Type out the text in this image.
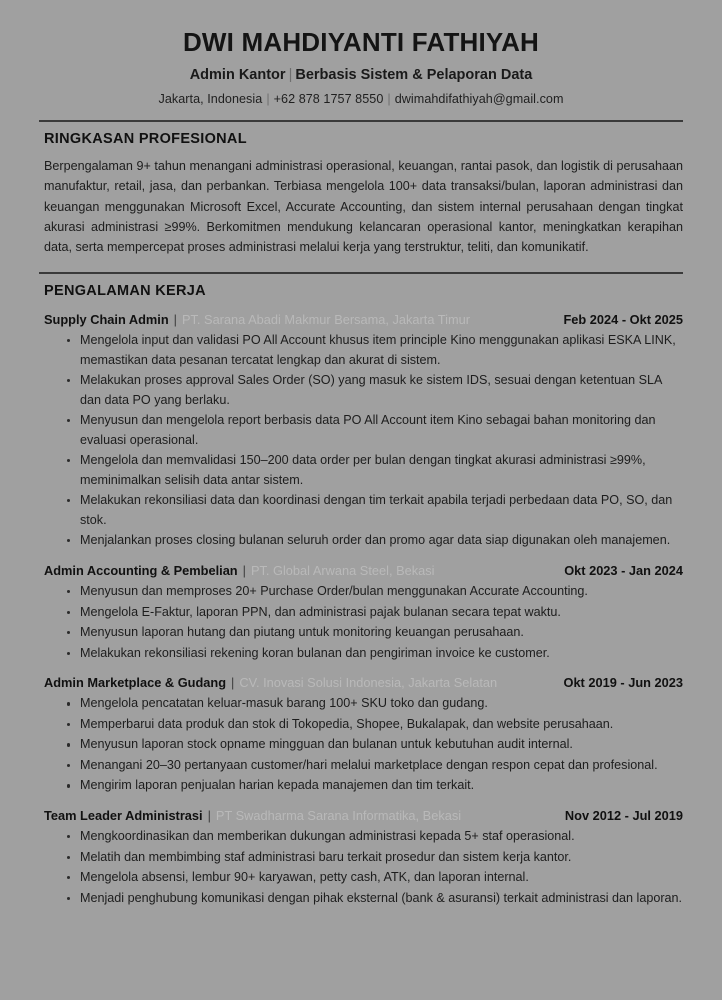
DWI MAHDIYANTI FATHIYAH
Admin Kantor | Berbasis Sistem & Pelaporan Data
Jakarta, Indonesia | +62 878 1757 8550 | dwimahdifathiyah@gmail.com
RINGKASAN PROFESIONAL

Berpengalaman 9+ tahun menangani administrasi operasional, keuangan, rantai pasok, dan logistik di perusahaan manufaktur, retail, jasa, dan perbankan. Terbiasa mengelola 100+ data transaksi/bulan, laporan administrasi dan keuangan menggunakan Microsoft Excel, Accurate Accounting, dan sistem internal perusahaan dengan tingkat akurasi administrasi ≥99%. Berkomitmen mendukung kelancaran operasional kantor, meningkatkan kerapihan data, serta mempercepat proses administrasi melalui kerja yang terstruktur, teliti, dan komunikatif.

PENGALAMAN KERJA
Supply Chain Admin | PT. Sarana Abadi Makmur Bersama, Jakarta Timur	Feb 2024 - Okt 2025
Mengelola input dan validasi PO All Account khusus item principle Kino menggunakan aplikasi ESKA LINK, memastikan data pesanan tercatat lengkap dan akurat di sistem.
Melakukan proses approval Sales Order (SO) yang masuk ke sistem IDS, sesuai dengan ketentuan SLA dan data PO yang berlaku.
Menyusun dan mengelola report berbasis data PO All Account item Kino sebagai bahan monitoring dan evaluasi operasional.
Mengelola dan memvalidasi 150–200 data order per bulan dengan tingkat akurasi administrasi ≥99%, meminimalkan selisih data antar sistem.
Melakukan rekonsiliasi data dan koordinasi dengan tim terkait apabila terjadi perbedaan data PO, SO, dan stok.
Menjalankan proses closing bulanan seluruh order dan promo agar data siap digunakan oleh manajemen.
Admin Accounting & Pembelian | PT. Global Arwana Steel, Bekasi	Okt 2023 - Jan 2024
Menyusun dan memproses 20+ Purchase Order/bulan menggunakan Accurate Accounting.
Mengelola E-Faktur, laporan PPN, dan administrasi pajak bulanan secara tepat waktu.
Menyusun laporan hutang dan piutang untuk monitoring keuangan perusahaan.
Melakukan rekonsiliasi rekening koran bulanan dan pengiriman invoice ke customer.
Admin Marketplace & Gudang | CV. Inovasi Solusi Indonesia, Jakarta Selatan	Okt 2019 - Jun 2023
Mengelola pencatatan keluar-masuk barang 100+ SKU toko dan gudang.
Memperbarui data produk dan stok di Tokopedia, Shopee, Bukalapak, dan website perusahaan.
Menyusun laporan stock opname mingguan dan bulanan untuk kebutuhan audit internal.
Menangani 20–30 pertanyaan customer/hari melalui marketplace dengan respon cepat dan profesional.
Mengirim laporan penjualan harian kepada manajemen dan tim terkait.
Team Leader Administrasi | PT Swadharma Sarana Informatika, Bekasi	Nov 2012 - Jul 2019
Mengkoordinasikan dan memberikan dukungan administrasi kepada 5+ staf operasional.
Melatih dan membimbing staf administrasi baru terkait prosedur dan sistem kerja kantor.
Mengelola absensi, lembur 90+ karyawan, petty cash, ATK, dan laporan internal.
Menjadi penghubung komunikasi dengan pihak eksternal (bank & asuransi) terkait administrasi dan laporan.
